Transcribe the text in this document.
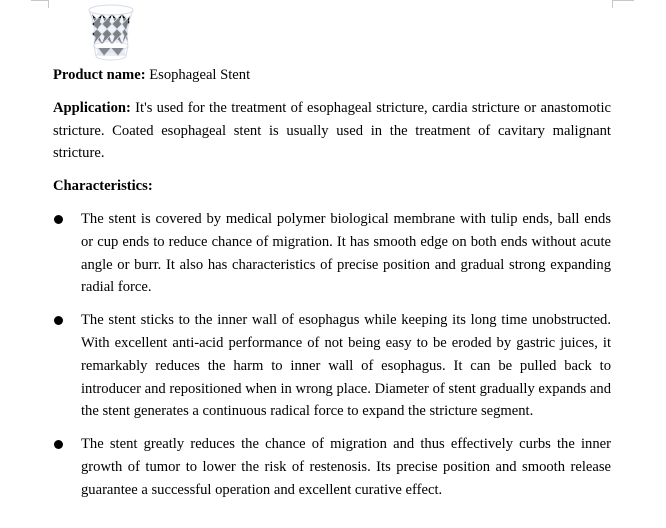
Product name: Esophageal Stent

Application: It's used for the treatment of esophageal stricture, cardia stricture or anastomotic stricture. Coated esophageal stent is usually used in the treatment of cavitary malignant stricture.

Characteristics:

The stent is covered by medical polymer biological membrane with tulip ends, ball ends or cup ends to reduce chance of migration. It has smooth edge on both ends without acute angle or burr. It also has characteristics of precise position and gradual strong expanding radial force.
The stent sticks to the inner wall of esophagus while keeping its long time unobstructed. With excellent anti-acid performance of not being easy to be eroded by gastric juices, it remarkably reduces the harm to inner wall of esophagus. It can be pulled back to introducer and repositioned when in wrong place. Diameter of stent gradually expands and the stent generates a continuous radical force to expand the stricture segment.
The stent greatly reduces the chance of migration and thus effectively curbs the inner growth of tumor to lower the risk of restenosis. Its precise position and smooth release guarantee a successful operation and excellent curative effect.
